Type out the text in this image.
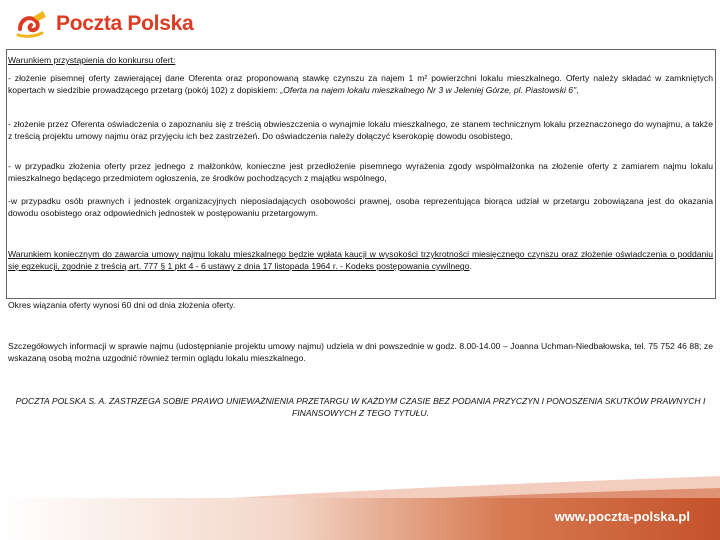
Poczta Polska

Warunkiem przystąpienia do konkursu ofert:

- złożenie pisemnej oferty zawierającej dane Oferenta oraz proponowaną stawkę czynszu za najem 1 m² powierzchni lokalu mieszkalnego. Oferty należy składać w zamkniętych kopertach w siedzibie prowadzącego przetarg (pokój 102) z dopiskiem: „Oferta na najem lokalu mieszkalnego Nr 3 w Jeleniej Górze, pl. Piastowski 6",

- złożenie przez Oferenta oświadczenia o zapoznaniu się z treścią obwieszczenia o wynajmie lokalu mieszkalnego, ze stanem technicznym lokalu przeznaczonego do wynajmu, a także z treścią projektu umowy najmu oraz przyjęciu ich bez zastrzeżeń. Do oświadczenia należy dołączyć kserokopię dowodu osobistego,

- w przypadku złożenia oferty przez jednego z małżonków, konieczne jest przedłożenie pisemnego wyrażenia zgody współmałżonka na złożenie oferty z zamiarem najmu lokalu mieszkalnego będącego przedmiotem ogłoszenia, ze środków pochodzących z majątku wspólnego,

-w przypadku osób prawnych i jednostek organizacyjnych nieposiadających osobowości prawnej, osoba reprezentująca biorąca udział w przetargu zobowiązana jest do okazania dowodu osobistego oraz odpowiednich jednostek w postępowaniu przetargowym.

Warunkiem koniecznym do zawarcia umowy najmu lokalu mieszkalnego będzie wpłata kaucji w wysokości trzykrotności miesięcznego czynszu oraz złożenie oświadczenia o poddaniu się egzekucji, zgodnie z treścią art. 777 § 1 pkt 4 - 6 ustawy z dnia 17 listopada 1964 r. - Kodeks postępowania cywilnego.

Okres wiązania oferty wynosi 60 dni od dnia złożenia oferty.

Szczegółowych informacji w sprawie najmu (udostępnianie projektu umowy najmu) udziela w dni powszednie w godz. 8.00-14.00 – Joanna Uchman-Niedbałowska, tel. 75 752 46 88; ze wskazaną osobą można uzgodnić również termin oglądu lokalu mieszkalnego.

POCZTA POLSKA S. A. ZASTRZEGA SOBIE PRAWO UNIEWAŻNIENIA PRZETARGU W KAŻDYM CZASIE BEZ PODANIA PRZYCZYN I PONOSZENIA SKUTKÓW PRAWNYCH I FINANSOWYCH Z TEGO TYTUŁU.

www.poczta-polska.pl
